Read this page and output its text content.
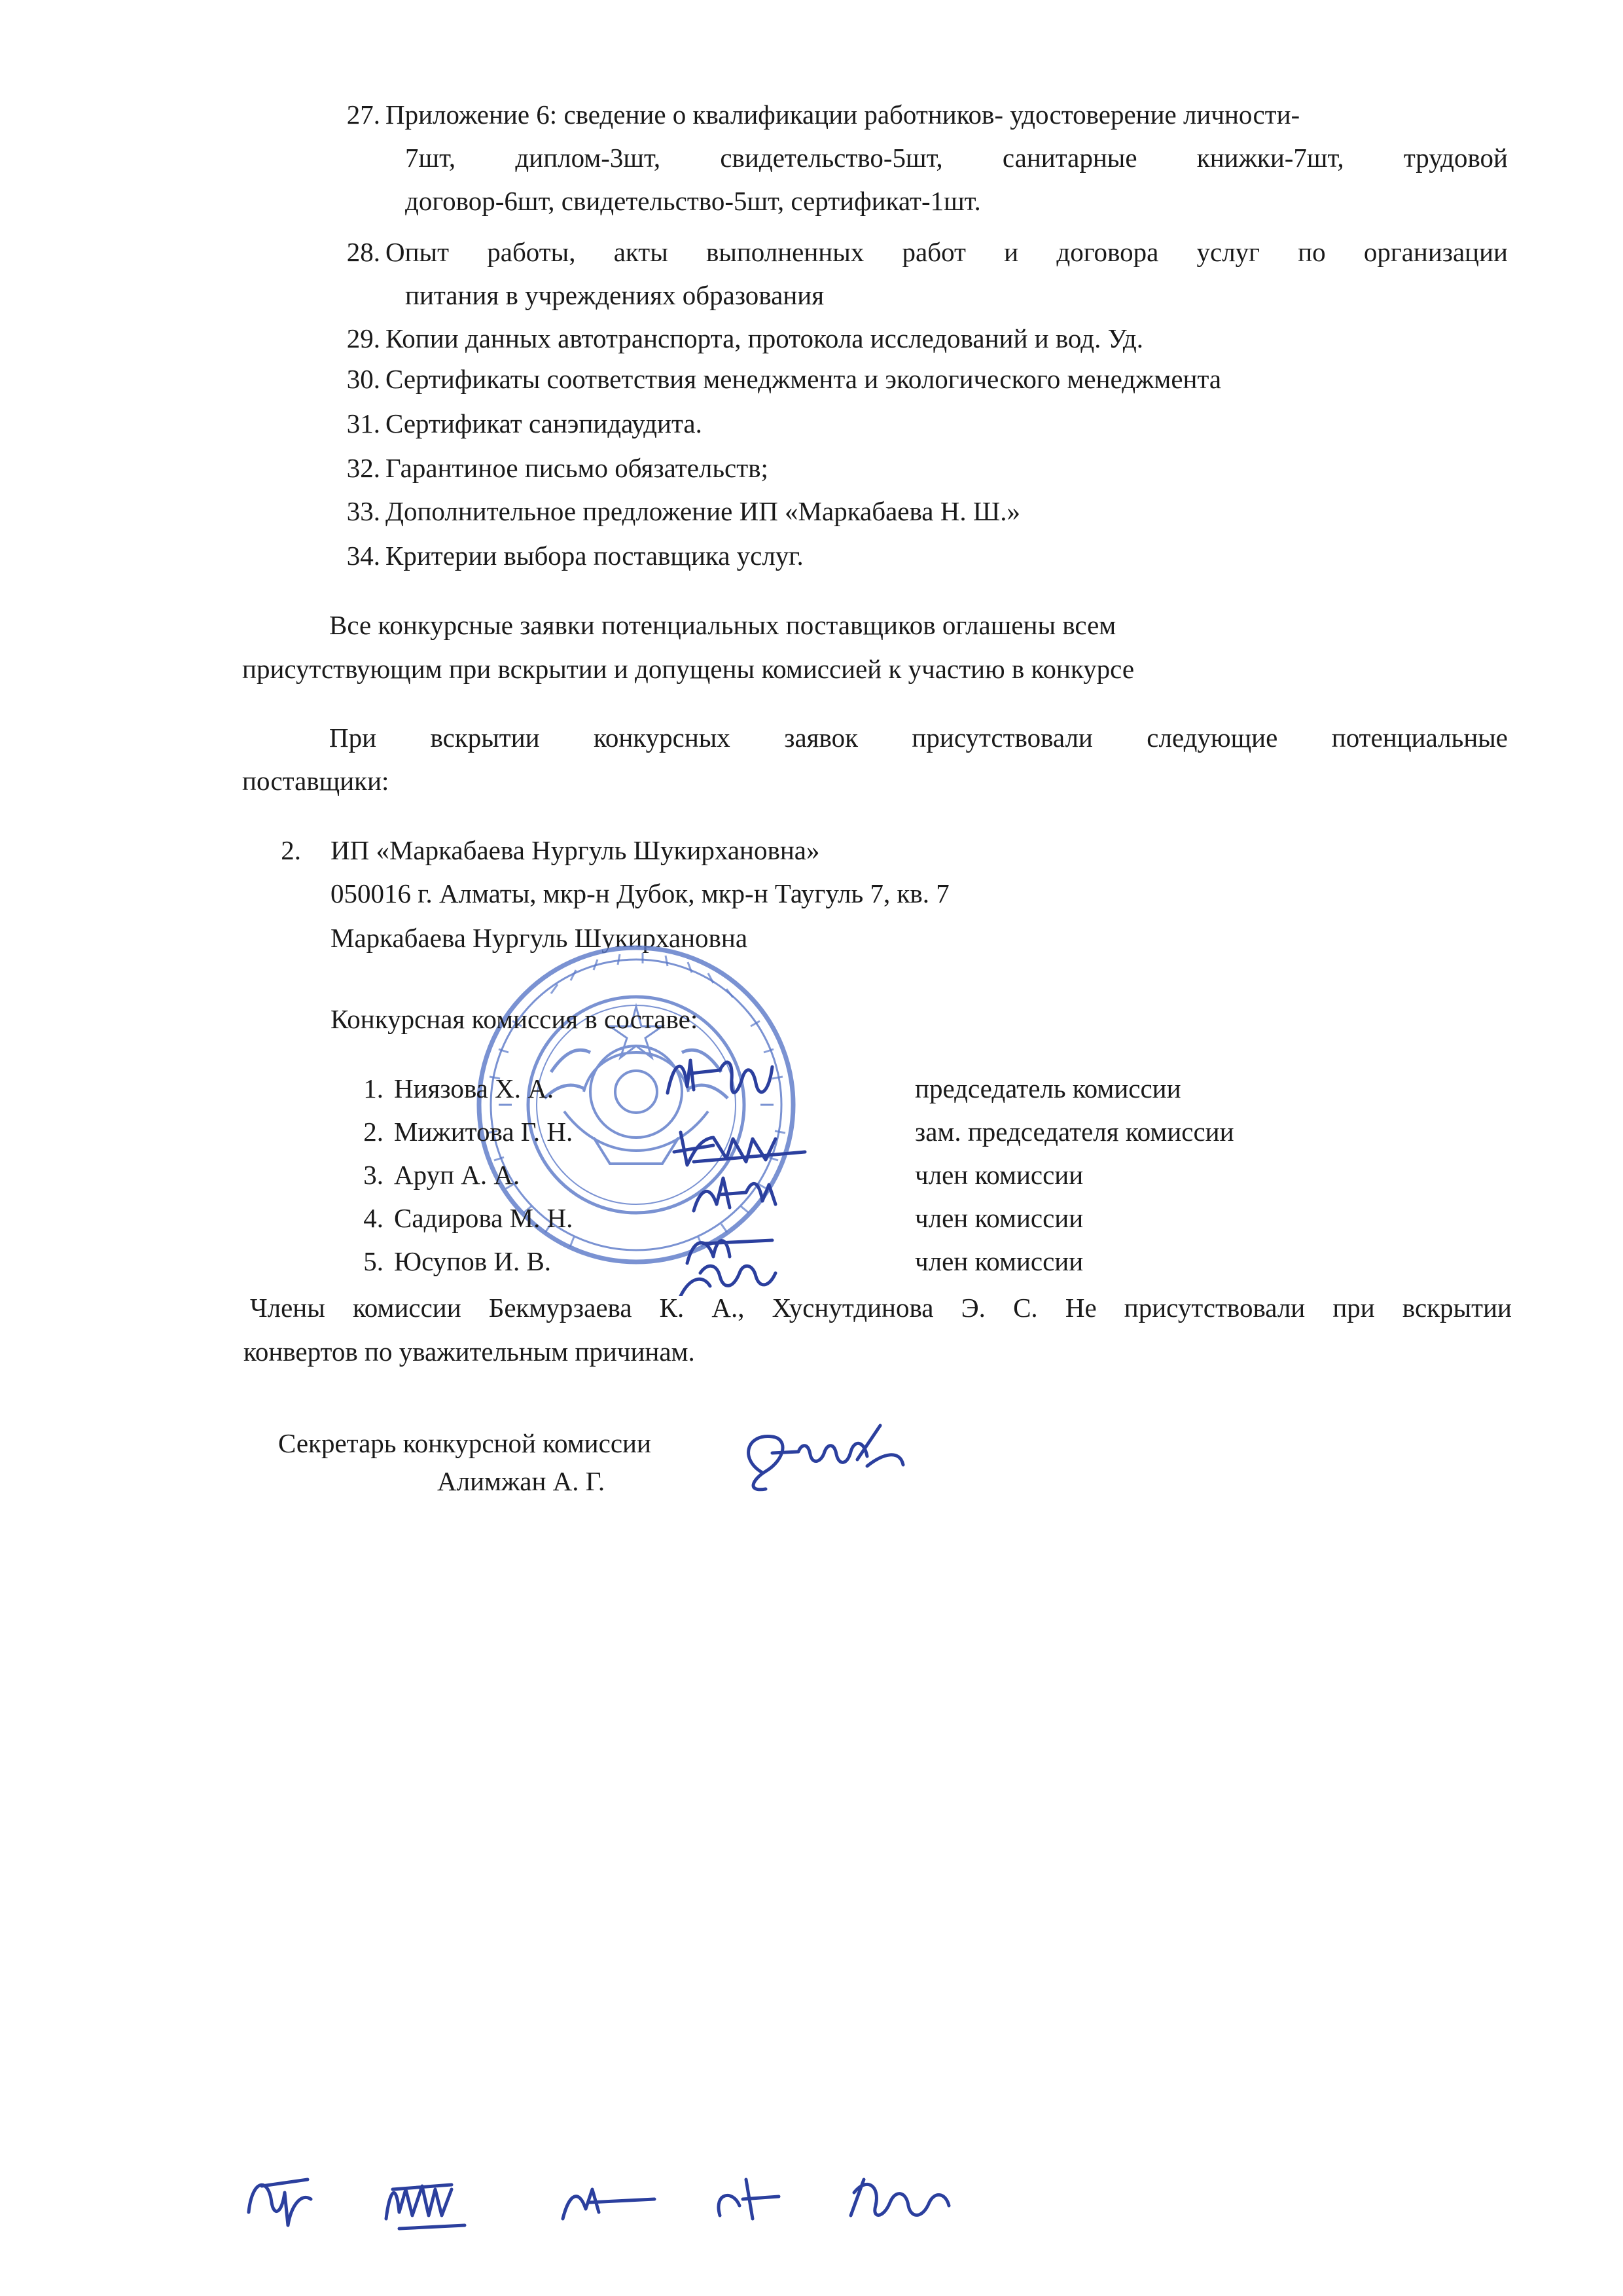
27. Приложение 6: сведение о квалификации работников- удостоверение личности-
7шт, диплом-3шт, свидетельство-5шт, санитарные книжки-7шт, трудовой
договор-6шт, свидетельство-5шт, сертификат-1шт.
28. Опыт работы, акты выполненных работ и договора услуг по организации
питания в учреждениях образования
29. Копии данных автотранспорта, протокола исследований и вод. Уд.
30. Сертификаты соответствия менеджмента и экологического менеджмента
31. Сертификат санэпидаудита.
32. Гарантиное письмо обязательств;
33. Дополнительное предложение ИП «Маркабаева Н. Ш.»
34. Критерии выбора поставщика услуг.
Все конкурсные заявки потенциальных поставщиков оглашены всем
присутствующим при вскрытии и допущены комиссией к участию в конкурсе
При вскрытии конкурсных заявок присутствовали следующие потенциальные
поставщики:
2. ИП «Маркабаева Нургуль Шукирхановна»
050016 г. Алматы, мкр-н Дубок, мкр-н Таугуль 7, кв. 7
Маркабаева Нургуль Шукирхановна
Конкурсная комиссия в составе:
1. Ниязова Х. А.	председатель комиссии
2. Мижитова Г. Н.	зам. председателя комиссии
3. Аруп А. А.	член комиссии
4. Садирова М. Н.	член комиссии
5. Юсупов И. В.	член комиссии
Члены комиссии Бекмурзаева К. А., Хуснутдинова Э. С. Не присутствовали при вскрытии
конвертов по уважительным причинам.
Секретарь конкурсной комиссии
Алимжан А. Г.
